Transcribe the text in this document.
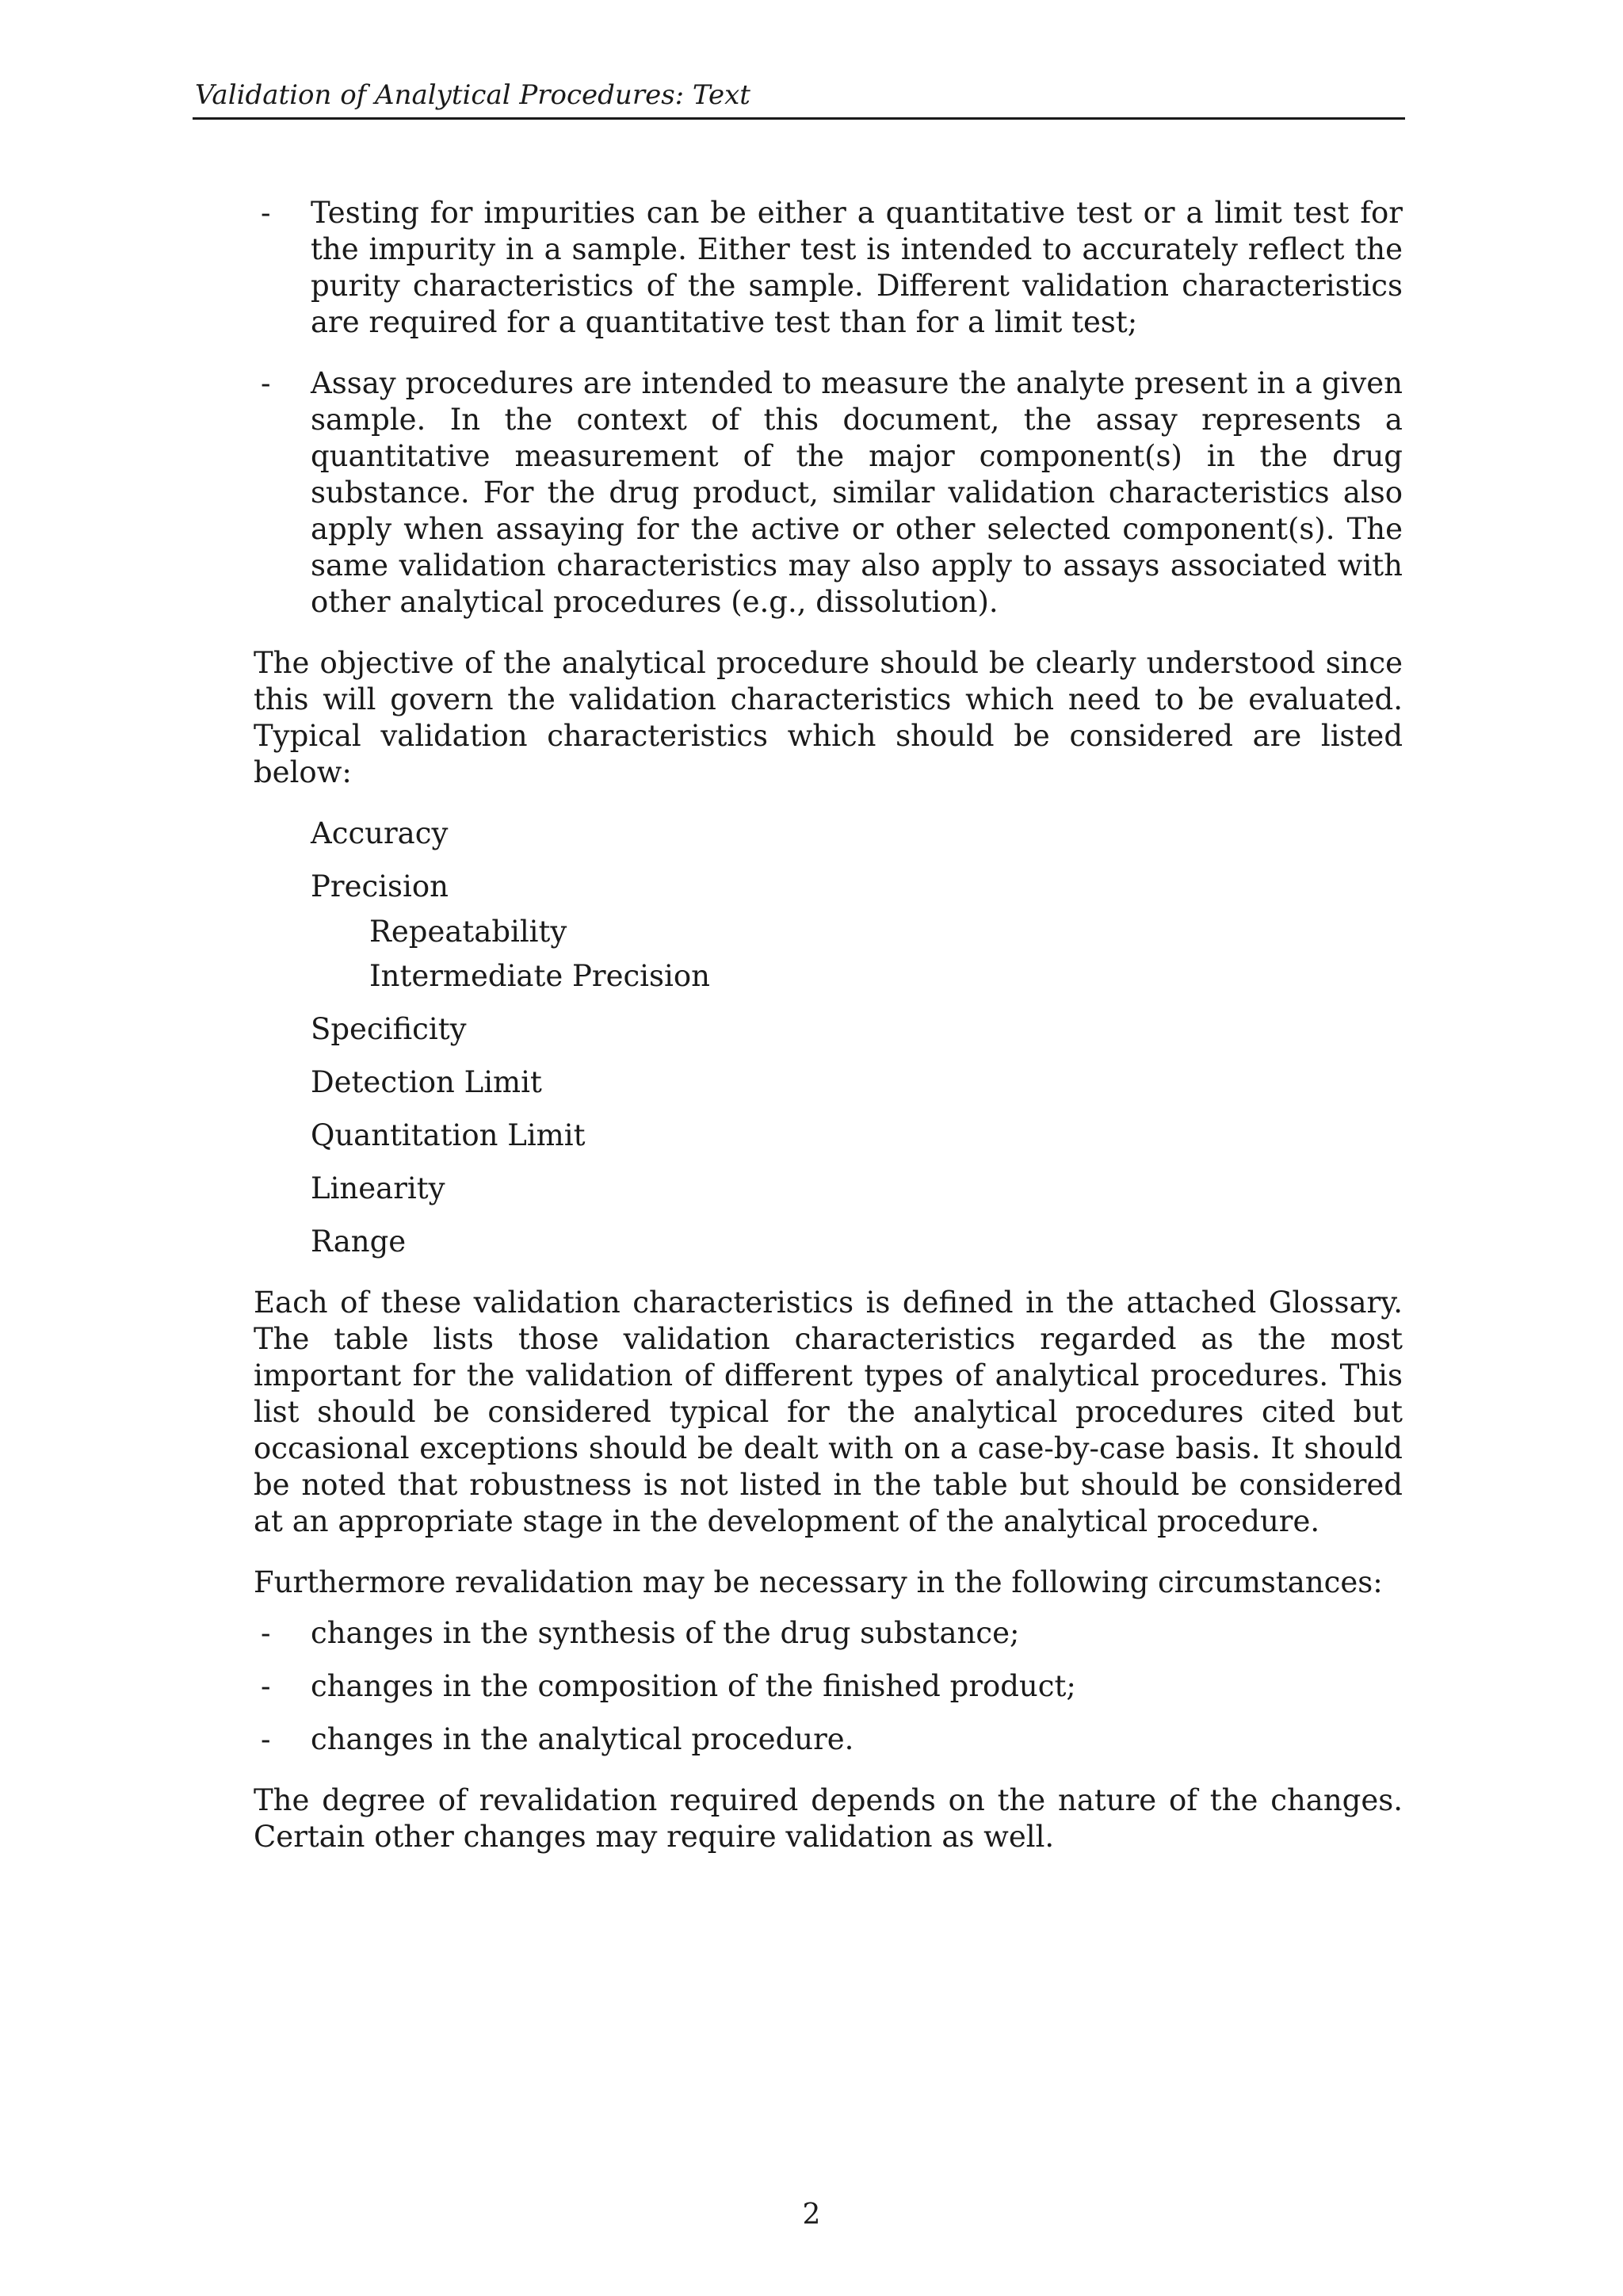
Validation of Analytical Procedures: Text
- Testing for impurities can be either a quantitative test or a limit test for the impurity in a sample. Either test is intended to accurately reflect the purity characteristics of the sample. Different validation characteristics are required for a quantitative test than for a limit test;
- Assay procedures are intended to measure the analyte present in a given sample. In the context of this document, the assay represents a quantitative measurement of the major component(s) in the drug substance. For the drug product, similar validation characteristics also apply when assaying for the active or other selected component(s). The same validation characteristics may also apply to assays associated with other analytical procedures (e.g., dissolution).

The objective of the analytical procedure should be clearly understood since this will govern the validation characteristics which need to be evaluated. Typical validation characteristics which should be considered are listed below:

Accuracy
Precision
Repeatability
Intermediate Precision
Specificity
Detection Limit
Quantitation Limit
Linearity
Range

Each of these validation characteristics is defined in the attached Glossary. The table lists those validation characteristics regarded as the most important for the validation of different types of analytical procedures. This list should be considered typical for the analytical procedures cited but occasional exceptions should be dealt with on a case-by-case basis. It should be noted that robustness is not listed in the table but should be considered at an appropriate stage in the development of the analytical procedure.

Furthermore revalidation may be necessary in the following circumstances:

- changes in the synthesis of the drug substance;
- changes in the composition of the finished product;
- changes in the analytical procedure.

The degree of revalidation required depends on the nature of the changes. Certain other changes may require validation as well.

2
